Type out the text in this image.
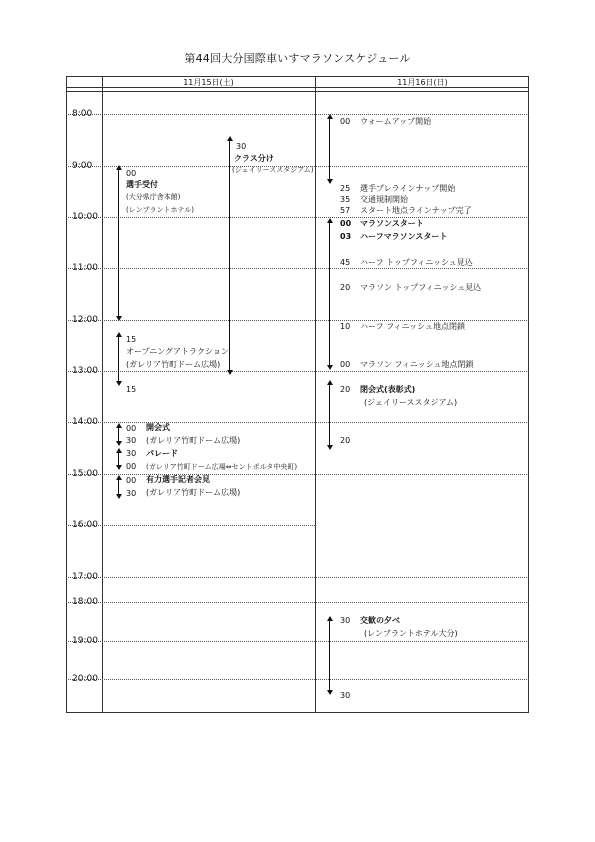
第44回大分国際車いすマラソンスケジュール
11月15日(土)	11月16日(日)
8:00
9:00
10:00
11:00
12:00
13:00
14:00
15:00
16:00
17:00
18:00
19:00
20:00
00
選手受付
(大分県庁舎本館)
(レンブラントホテル)
30
クラス分け
(ジェイリーススタジアム)
15
オープニングアトラクション
(ガレリア竹町ドーム広場)
15
00 開会式
30 (ガレリア竹町ドーム広場)
30 パレード
00 (ガレリア竹町ドーム広場⇔セントポルタ中央町)
00 有力選手記者会見
30 (ガレリア竹町ドーム広場)
00 ウォームアップ開始
25 選手プレラインナップ開始
35 交通規制開始
57 スタート地点ラインナップ完了
00 マラソンスタート
03 ハーフマラソンスタート
45 ハーフ トップフィニッシュ見込
20 マラソン トップフィニッシュ見込
10 ハーフ フィニッシュ地点閉鎖
00 マラソン フィニッシュ地点閉鎖
20 閉会式(表彰式)
(ジェイリーススタジアム)
20
30 交歓の夕べ
(レンブラントホテル大分)
30
